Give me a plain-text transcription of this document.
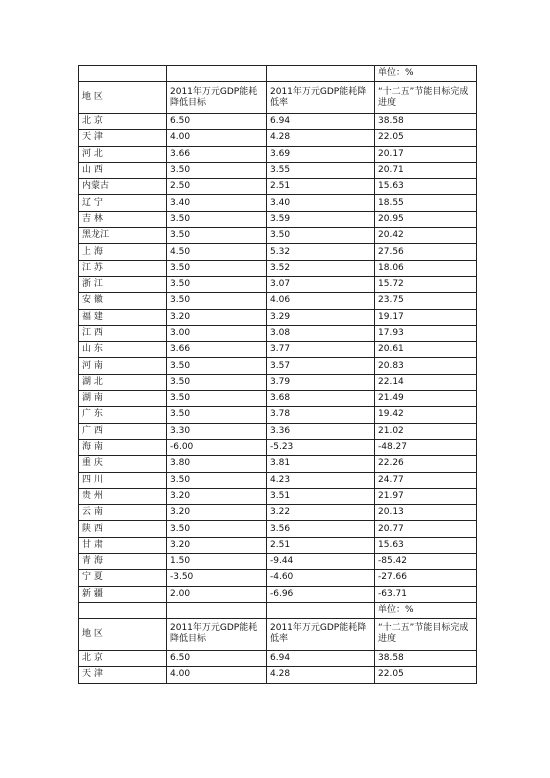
			单位：%

地 区	2011年万元GDP能耗降低目标	2011年万元GDP能耗降低率	“十二五”节能目标完成进度

北 京	6.50	6.94	38.58
天 津	4.00	4.28	22.05
河 北	3.66	3.69	20.17
山 西	3.50	3.55	20.71
内蒙古	2.50	2.51	15.63
辽 宁	3.40	3.40	18.55
吉 林	3.50	3.59	20.95
黑龙江	3.50	3.50	20.42
上 海	4.50	5.32	27.56
江 苏	3.50	3.52	18.06
浙 江	3.50	3.07	15.72
安 徽	3.50	4.06	23.75
福 建	3.20	3.29	19.17
江 西	3.00	3.08	17.93
山 东	3.66	3.77	20.61
河 南	3.50	3.57	20.83
湖 北	3.50	3.79	22.14
湖 南	3.50	3.68	21.49
广 东	3.50	3.78	19.42
广 西	3.30	3.36	21.02
海 南	-6.00	-5.23	-48.27
重 庆	3.80	3.81	22.26
四 川	3.50	4.23	24.77
贵 州	3.20	3.51	21.97
云 南	3.20	3.22	20.13
陕 西	3.50	3.56	20.77
甘 肃	3.20	2.51	15.63
青 海	1.50	-9.44	-85.42
宁 夏	-3.50	-4.60	-27.66
新 疆	2.00	-6.96	-63.71
			单位：%

地 区	2011年万元GDP能耗降低目标	2011年万元GDP能耗降低率	“十二五”节能目标完成进度

北 京	6.50	6.94	38.58
天 津	4.00	4.28	22.05
